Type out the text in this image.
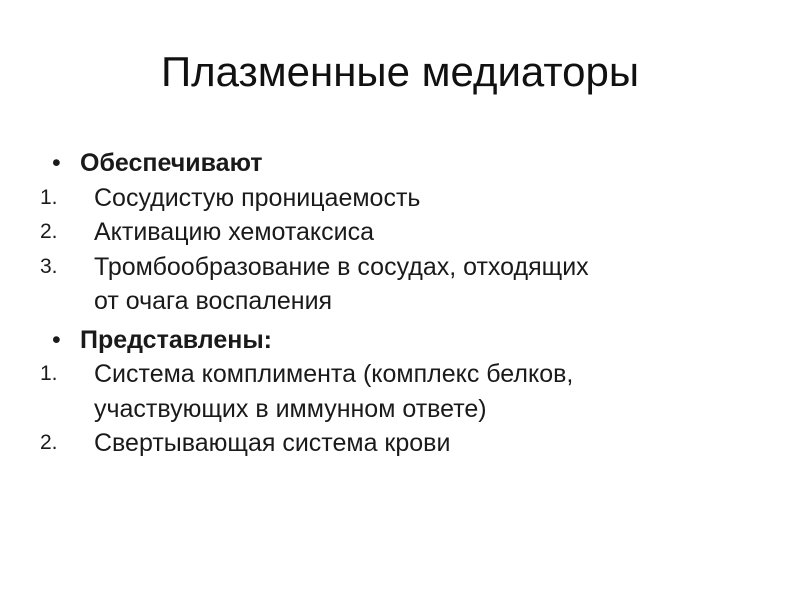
Плазменные медиаторы
• Обеспечивают
1.	Сосудистую проницаемость
2.	Активацию хемотаксиса
3.	Тромбообразование в сосудах, отходящих
от очага воспаления
• Представлены:
1.	Система комплимента (комплекс белков,
участвующих в иммунном ответе)
2.	Свертывающая система крови
